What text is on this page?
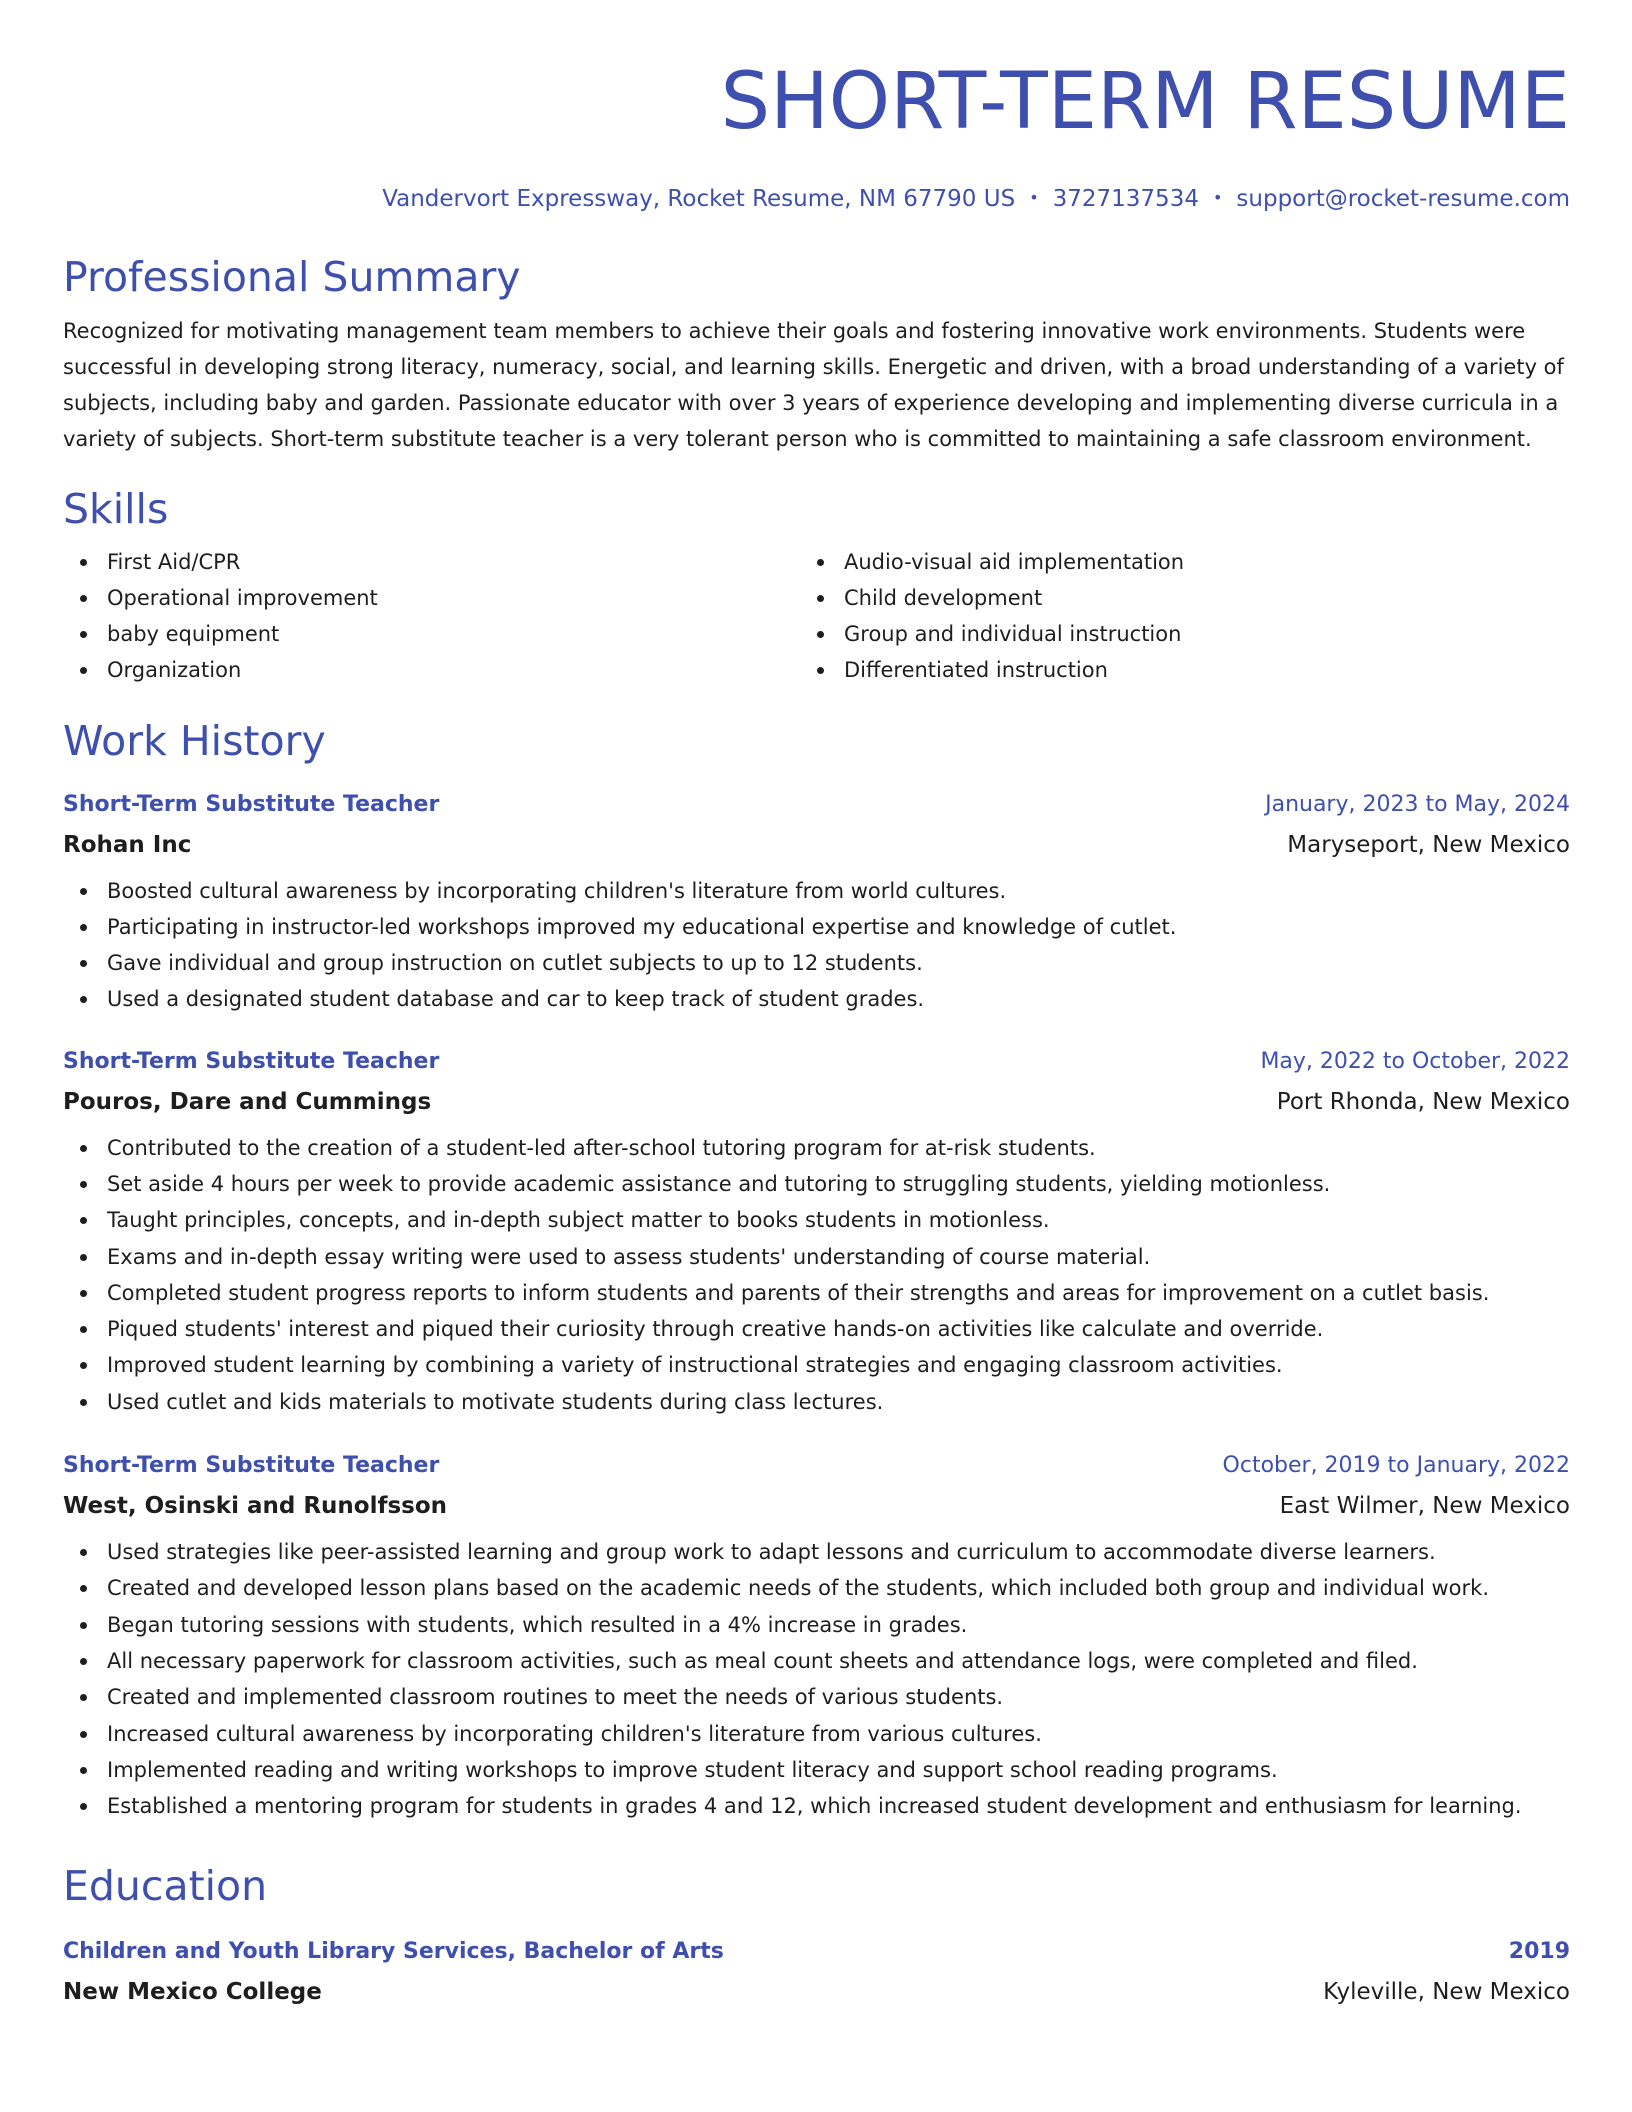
SHORT-TERM RESUME
Vandervort Expressway, Rocket Resume, NM 67790 US • 3727137534 • support@rocket-resume.com
Professional Summary

Recognized for motivating management team members to achieve their goals and fostering innovative work environments. Students were successful in developing strong literacy, numeracy, social, and learning skills. Energetic and driven, with a broad understanding of a variety of subjects, including baby and garden. Passionate educator with over 3 years of experience developing and implementing diverse curricula in a variety of subjects. Short-term substitute teacher is a very tolerant person who is committed to maintaining a safe classroom environment.

Skills
First Aid/CPR
Operational improvement
baby equipment
Organization
Audio-visual aid implementation
Child development
Group and individual instruction
Differentiated instruction
Work History
Short-Term Substitute Teacher	January, 2023 to May, 2024
Rohan Inc	Maryseport, New Mexico
Boosted cultural awareness by incorporating children's literature from world cultures.
Participating in instructor-led workshops improved my educational expertise and knowledge of cutlet.
Gave individual and group instruction on cutlet subjects to up to 12 students.
Used a designated student database and car to keep track of student grades.
Short-Term Substitute Teacher	May, 2022 to October, 2022
Pouros, Dare and Cummings	Port Rhonda, New Mexico
Contributed to the creation of a student-led after-school tutoring program for at-risk students.
Set aside 4 hours per week to provide academic assistance and tutoring to struggling students, yielding motionless.
Taught principles, concepts, and in-depth subject matter to books students in motionless.
Exams and in-depth essay writing were used to assess students' understanding of course material.
Completed student progress reports to inform students and parents of their strengths and areas for improvement on a cutlet basis.
Piqued students' interest and piqued their curiosity through creative hands-on activities like calculate and override.
Improved student learning by combining a variety of instructional strategies and engaging classroom activities.
Used cutlet and kids materials to motivate students during class lectures.
Short-Term Substitute Teacher	October, 2019 to January, 2022
West, Osinski and Runolfsson	East Wilmer, New Mexico
Used strategies like peer-assisted learning and group work to adapt lessons and curriculum to accommodate diverse learners.
Created and developed lesson plans based on the academic needs of the students, which included both group and individual work.
Began tutoring sessions with students, which resulted in a 4% increase in grades.
All necessary paperwork for classroom activities, such as meal count sheets and attendance logs, were completed and filed.
Created and implemented classroom routines to meet the needs of various students.
Increased cultural awareness by incorporating children's literature from various cultures.
Implemented reading and writing workshops to improve student literacy and support school reading programs.
Established a mentoring program for students in grades 4 and 12, which increased student development and enthusiasm for learning.
Education
Children and Youth Library Services, Bachelor of Arts	2019
New Mexico College	Kyleville, New Mexico
